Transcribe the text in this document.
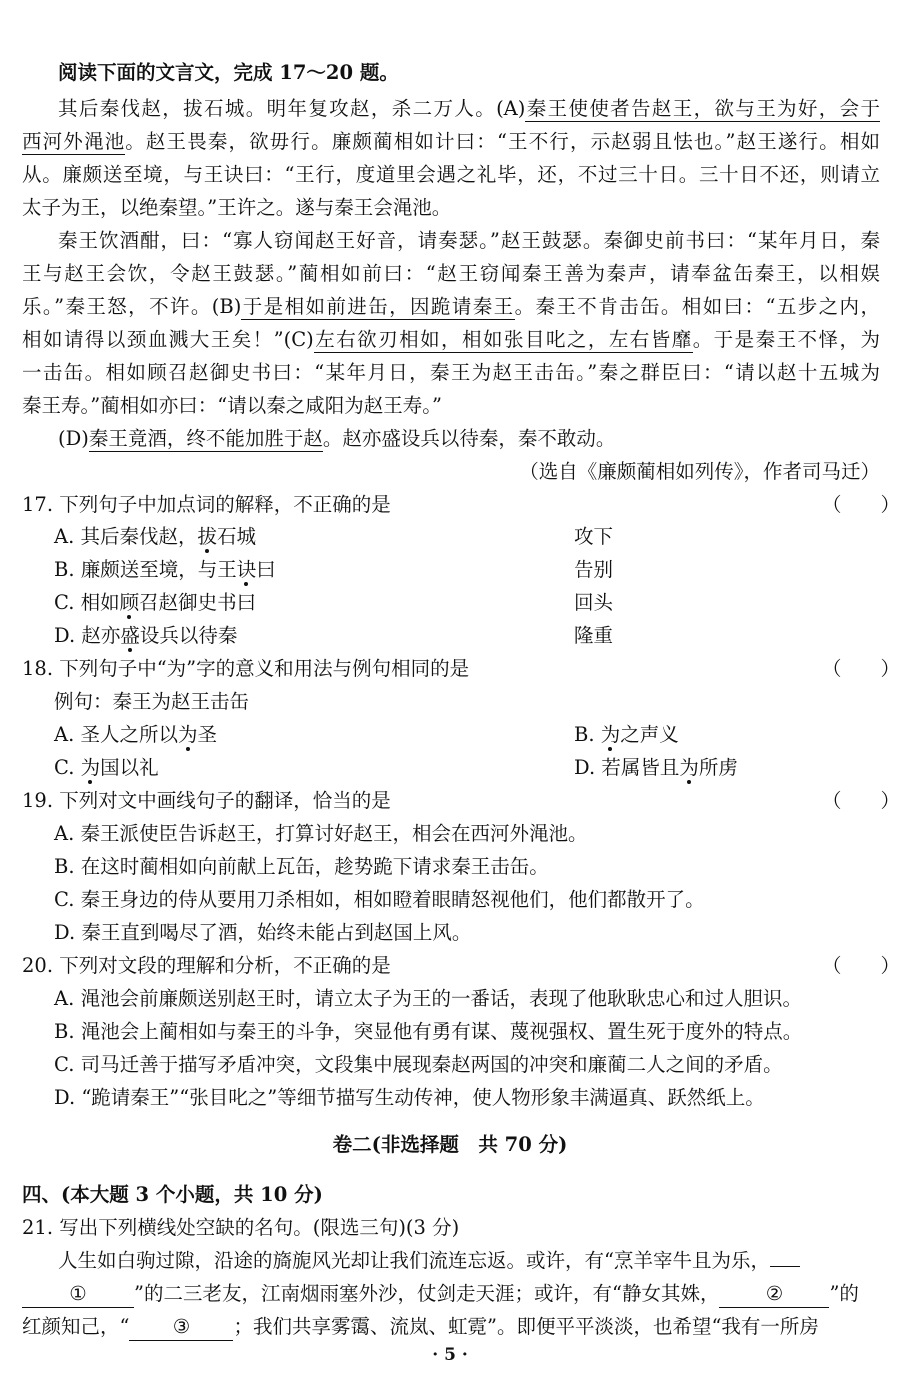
阅读下面的文言文，完成 17～20 题。
其后秦伐赵，拔石城。明年复攻赵，杀二万人。(A)秦王使使者告赵王，欲与王为好，会于
西河外渑池。赵王畏秦，欲毋行。廉颇蔺相如计曰：“王不行，示赵弱且怯也。”赵王遂行。相如
从。廉颇送至境，与王诀曰：“王行，度道里会遇之礼毕，还，不过三十日。三十日不还，则请立
太子为王，以绝秦望。”王许之。遂与秦王会渑池。
秦王饮酒酣，曰：“寡人窃闻赵王好音，请奏瑟。”赵王鼓瑟。秦御史前书曰：“某年月日，秦
王与赵王会饮，令赵王鼓瑟。”蔺相如前曰：“赵王窃闻秦王善为秦声，请奉盆缶秦王，以相娱
乐。”秦王怒，不许。(B)于是相如前进缶，因跪请秦王。秦王不肯击缶。相如曰：“五步之内，
相如请得以颈血溅大王矣！”(C)左右欲刃相如，相如张目叱之，左右皆靡。于是秦王不怿，为
一击缶。相如顾召赵御史书曰：“某年月日，秦王为赵王击缶。”秦之群臣曰：“请以赵十五城为
秦王寿。”蔺相如亦曰：“请以秦之咸阳为赵王寿。”
(D)秦王竟酒，终不能加胜于赵。赵亦盛设兵以待秦，秦不敢动。
（选自《廉颇蔺相如列传》，作者司马迁）
17. 下列句子中加点词的解释，不正确的是	（　　）
A. 其后秦伐赵，拔石城	攻下
B. 廉颇送至境，与王诀曰	告别
C. 相如顾召赵御史书曰	回头
D. 赵亦盛设兵以待秦	隆重
18. 下列句子中“为”字的意义和用法与例句相同的是	（　　）
例句：秦王为赵王击缶
A. 圣人之所以为圣	B. 为之声义
C. 为国以礼	D. 若属皆且为所虏
19. 下列对文中画线句子的翻译，恰当的是	（　　）
A. 秦王派使臣告诉赵王，打算讨好赵王，相会在西河外渑池。
B. 在这时蔺相如向前献上瓦缶，趁势跪下请求秦王击缶。
C. 秦王身边的侍从要用刀杀相如，相如瞪着眼睛怒视他们，他们都散开了。
D. 秦王直到喝尽了酒，始终未能占到赵国上风。
20. 下列对文段的理解和分析，不正确的是	（　　）
A. 渑池会前廉颇送别赵王时，请立太子为王的一番话，表现了他耿耿忠心和过人胆识。
B. 渑池会上蔺相如与秦王的斗争，突显他有勇有谋、蔑视强权、置生死于度外的特点。
C. 司马迁善于描写矛盾冲突，文段集中展现秦赵两国的冲突和廉蔺二人之间的矛盾。
D. “跪请秦王”“张目叱之”等细节描写生动传神，使人物形象丰满逼真、跃然纸上。
卷二(非选择题　共 70 分)
四、(本大题 3 个小题，共 10 分)
21. 写出下列横线处空缺的名句。(限选三句)(3 分)
人生如白驹过隙，沿途的旖旎风光却让我们流连忘返。或许，有“烹羊宰牛且为乐，
① ”的二三老友，江南烟雨塞外沙，仗剑走天涯；或许，有“静女其姝， ② ”的
红颜知己，“ ③ ；我们共享雾霭、流岚、虹霓”。即便平平淡淡，也希望“我有一所房
· 5 ·
